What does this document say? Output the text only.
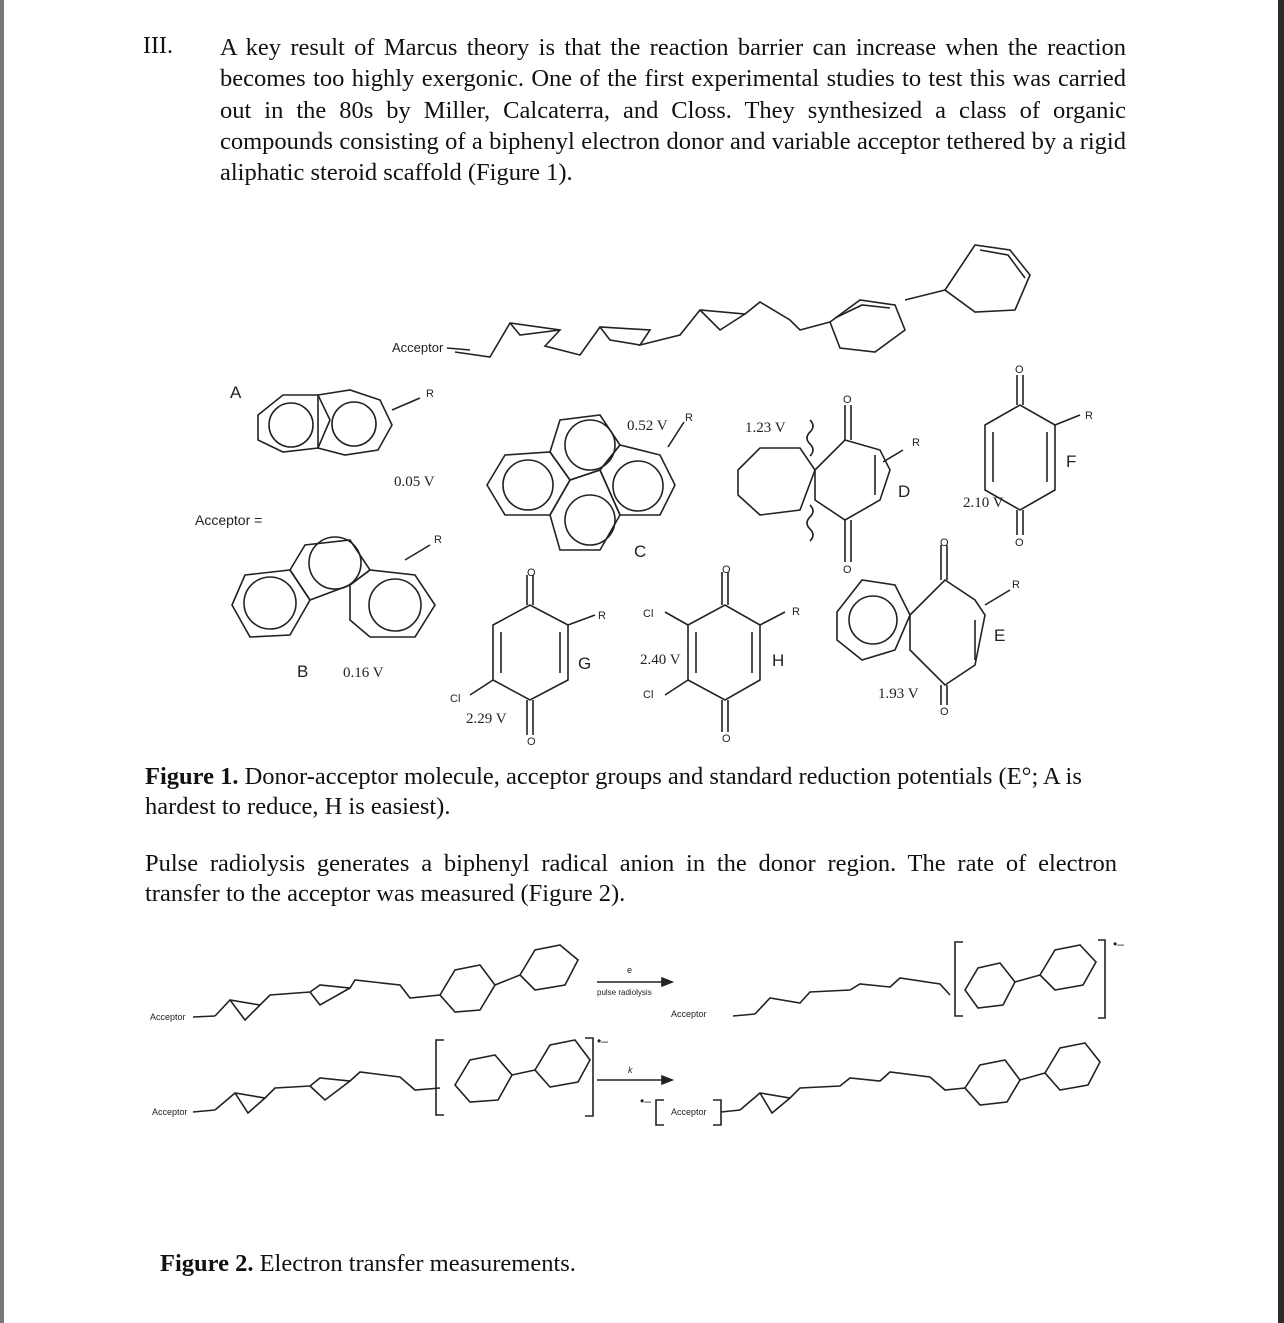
III. A key result of Marcus theory is that the reaction barrier can increase when the reaction becomes too highly exergonic. One of the first experimental studies to test this was carried out in the 80s by Miller, Calcaterra, and Closs. They synthesized a class of organic compounds consisting of a biphenyl electron donor and variable acceptor tethered by a rigid aliphatic steroid scaffold (Figure 1).
Acceptor
A
B
C
D
E
F
G	H
0.05 V
0.16 V
0.52 V	1.23 V
1.93 V
2.10 V
2.29 V
2.40 V
Acceptor =
R
R
R
R
R
R
R	R
Cl
Cl
Cl
O
O
O
O
O
O
O
O
O
O
Acceptor	Acceptor
Acceptor	Acceptor
e
pulse radiolysis
k
•–
•–
•–
Figure 1. Donor-acceptor molecule, acceptor groups and standard reduction potentials (E°; A is hardest to reduce, H is easiest).
Pulse radiolysis generates a biphenyl radical anion in the donor region. The rate of electron transfer to the acceptor was measured (Figure 2).
Figure 2. Electron transfer measurements.
